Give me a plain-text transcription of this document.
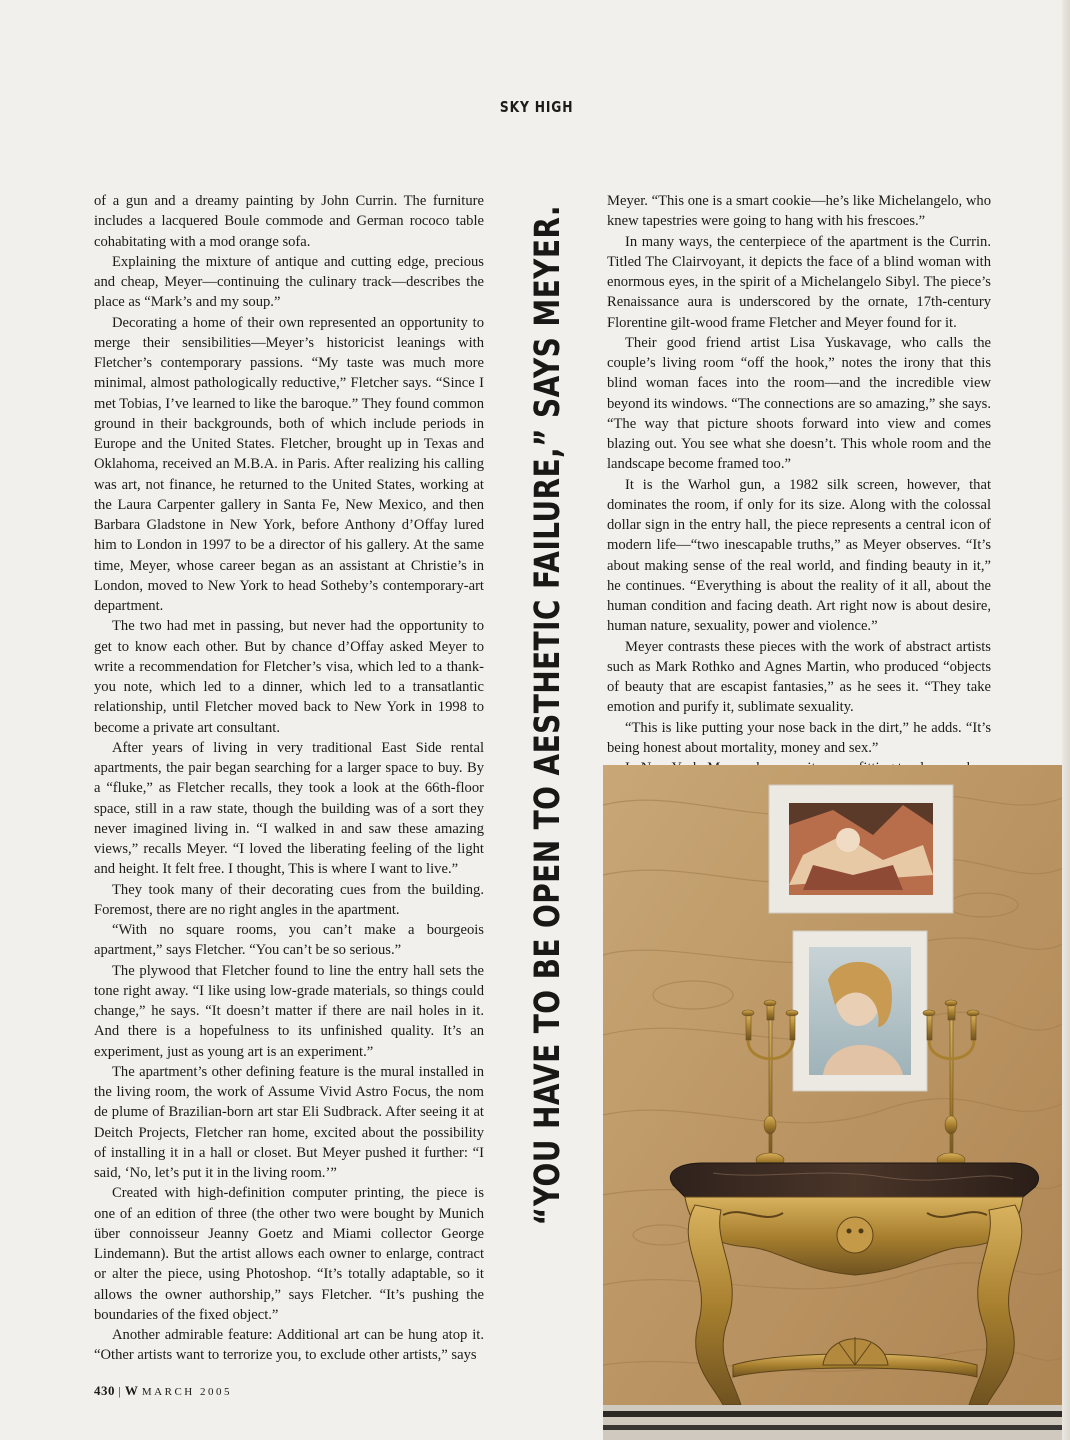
SKY HIGH

of a gun and a dreamy painting by John Currin. The furniture includes a lacquered Boule commode and German rococo table cohabitating with a mod orange sofa.

Explaining the mixture of antique and cutting edge, precious and cheap, Meyer—continuing the culinary track—describes the place as “Mark’s and my soup.”

Decorating a home of their own represented an opportunity to merge their sensibilities—Meyer’s historicist leanings with Fletcher’s contemporary passions. “My taste was much more minimal, almost pathologically reductive,” Fletcher says. “Since I met Tobias, I’ve learned to like the baroque.” They found common ground in their backgrounds, both of which include periods in Europe and the United States. Fletcher, brought up in Texas and Oklahoma, received an M.B.A. in Paris. After realizing his calling was art, not finance, he returned to the United States, working at the Laura Carpenter gallery in Santa Fe, New Mexico, and then Barbara Gladstone in New York, before Anthony d’Offay lured him to London in 1997 to be a director of his gallery. At the same time, Meyer, whose career began as an assistant at Christie’s in London, moved to New York to head Sotheby’s contemporary-art department.

The two had met in passing, but never had the opportunity to get to know each other. But by chance d’Offay asked Meyer to write a recommendation for Fletcher’s visa, which led to a thank-you note, which led to a dinner, which led to a transatlantic relationship, until Fletcher moved back to New York in 1998 to become a private art consultant.

After years of living in very traditional East Side rental apartments, the pair began searching for a larger space to buy. By a “fluke,” as Fletcher recalls, they took a look at the 66th-floor space, still in a raw state, though the building was of a sort they never imagined living in. “I walked in and saw these amazing views,” recalls Meyer. “I loved the liberating feeling of the light and height. It felt free. I thought, This is where I want to live.”

They took many of their decorating cues from the building. Foremost, there are no right angles in the apartment.

“With no square rooms, you can’t make a bourgeois apartment,” says Fletcher. “You can’t be so serious.”

The plywood that Fletcher found to line the entry hall sets the tone right away. “I like using low-grade materials, so things could change,” he says. “It doesn’t matter if there are nail holes in it. And there is a hopefulness to its unfinished quality. It’s an experiment, just as young art is an experiment.”

The apartment’s other defining feature is the mural installed in the living room, the work of Assume Vivid Astro Focus, the nom de plume of Brazilian-born art star Eli Sudbrack. After seeing it at Deitch Projects, Fletcher ran home, excited about the possibility of installing it in a hall or closet. But Meyer pushed it further: “I said, ‘No, let’s put it in the living room.’”

Created with high-definition computer printing, the piece is one of an edition of three (the other two were bought by Munich über connoisseur Jeanny Goetz and Miami collector George Lindemann). But the artist allows each owner to enlarge, contract or alter the piece, using Photoshop. “It’s totally adaptable, so it allows the owner authorship,” says Fletcher. “It’s pushing the boundaries of the fixed object.”

Another admirable feature: Additional art can be hung atop it. “Other artists want to terrorize you, to exclude other artists,” says

“YOU HAVE TO BE OPEN TO AESTHETIC FAILURE,” SAYS MEYER.

Meyer. “This one is a smart cookie—he’s like Michelangelo, who knew tapestries were going to hang with his frescoes.”

In many ways, the centerpiece of the apartment is the Currin. Titled The Clairvoyant, it depicts the face of a blind woman with enormous eyes, in the spirit of a Michelangelo Sibyl. The piece’s Renaissance aura is underscored by the ornate, 17th-century Florentine gilt-wood frame Fletcher and Meyer found for it.

Their good friend artist Lisa Yuskavage, who calls the couple’s living room “off the hook,” notes the irony that this blind woman faces into the room—and the incredible view beyond its windows. “The connections are so amazing,” she says. “The way that picture shoots forward into view and comes blazing out. You see what she doesn’t. This whole room and the landscape become framed too.”

It is the Warhol gun, a 1982 silk screen, however, that dominates the room, if only for its size. Along with the colossal dollar sign in the entry hall, the piece represents a central icon of modern life—“two inescapable truths,” as Meyer observes. “It’s about making sense of the real world, and finding beauty in it,” he continues. “Everything is about the reality of it all, about the human condition and facing death. Art right now is about desire, human nature, sexuality, power and violence.”

Meyer contrasts these pieces with the work of abstract artists such as Mark Rothko and Agnes Martin, who produced “objects of beauty that are escapist fantasies,” as he sees it. “They take emotion and purify it, sublimate sexuality.

“This is like putting your nose back in the dirt,” he adds. “It’s being honest about mortality, money and sex.”

430 | W MARCH 2005
